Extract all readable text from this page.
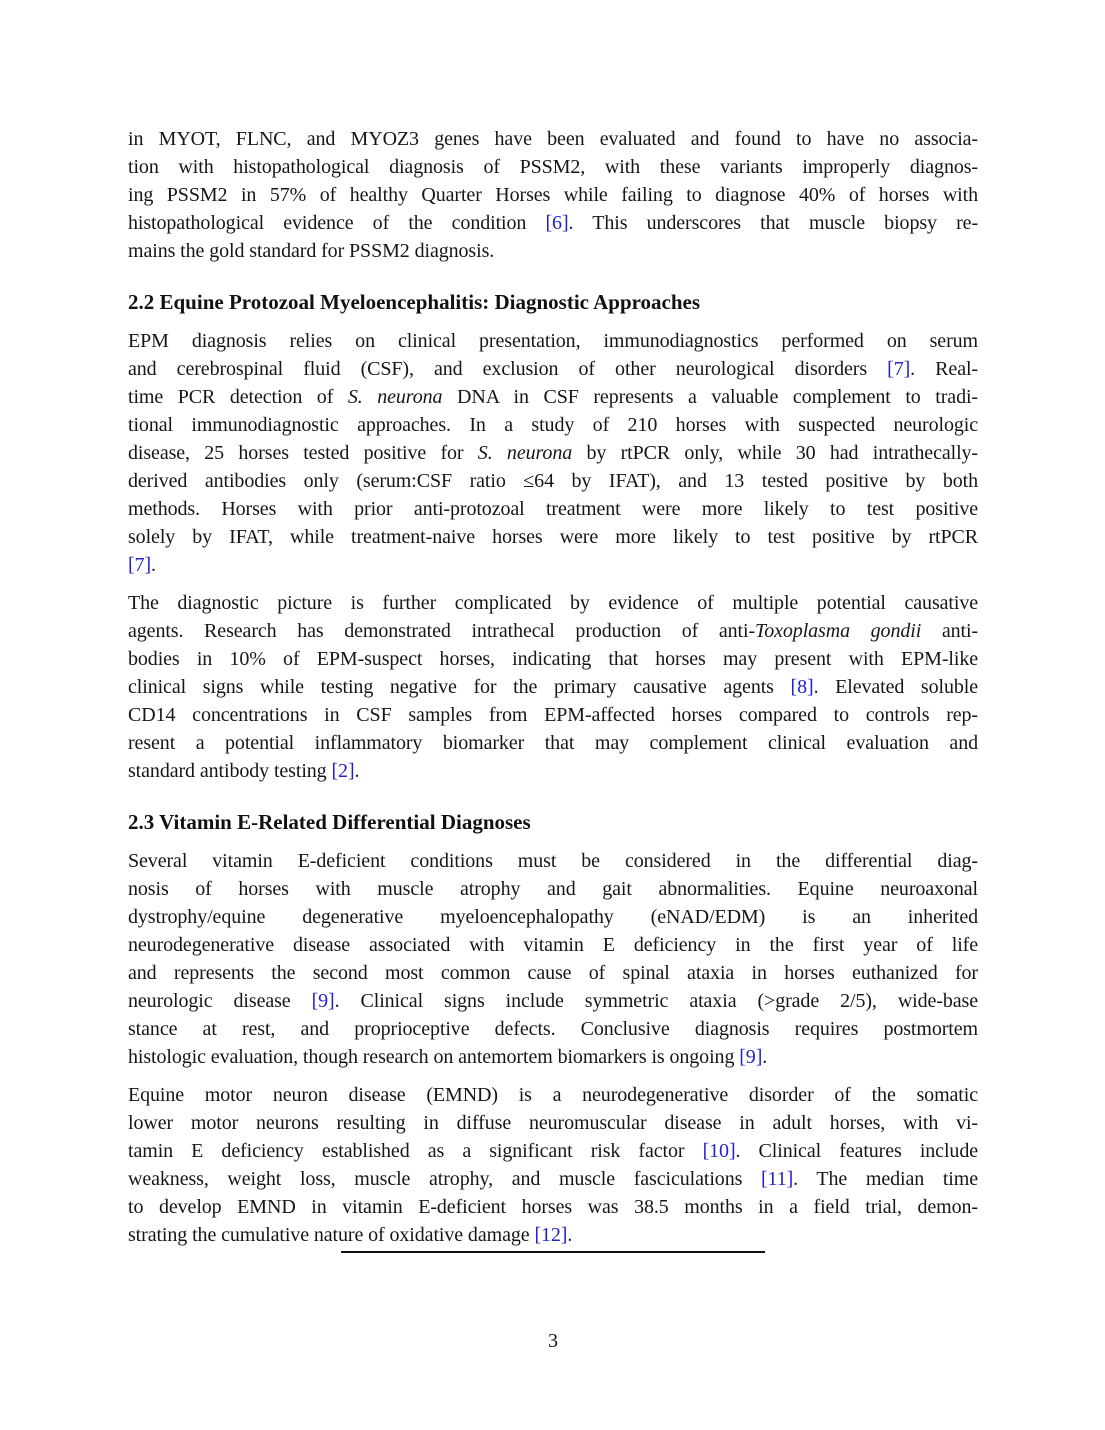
in MYOT, FLNC, and MYOZ3 genes have been evaluated and found to have no associa-
tion with histopathological diagnosis of PSSM2, with these variants improperly diagnos-
ing PSSM2 in 57% of healthy Quarter Horses while failing to diagnose 40% of horses with
histopathological evidence of the condition [6]. This underscores that muscle biopsy re-
mains the gold standard for PSSM2 diagnosis.
2.2 Equine Protozoal Myeloencephalitis: Diagnostic Approaches
EPM diagnosis relies on clinical presentation, immunodiagnostics performed on serum
and cerebrospinal fluid (CSF), and exclusion of other neurological disorders [7]. Real-
time PCR detection of S. neurona DNA in CSF represents a valuable complement to tradi-
tional immunodiagnostic approaches. In a study of 210 horses with suspected neurologic
disease, 25 horses tested positive for S. neurona by rtPCR only, while 30 had intrathecally-
derived antibodies only (serum:CSF ratio ≤64 by IFAT), and 13 tested positive by both
methods. Horses with prior anti-protozoal treatment were more likely to test positive
solely by IFAT, while treatment-naive horses were more likely to test positive by rtPCR
[7].
The diagnostic picture is further complicated by evidence of multiple potential causative
agents. Research has demonstrated intrathecal production of anti-Toxoplasma gondii anti-
bodies in 10% of EPM-suspect horses, indicating that horses may present with EPM-like
clinical signs while testing negative for the primary causative agents [8]. Elevated soluble
CD14 concentrations in CSF samples from EPM-affected horses compared to controls rep-
resent a potential inflammatory biomarker that may complement clinical evaluation and
standard antibody testing [2].
2.3 Vitamin E-Related Differential Diagnoses
Several vitamin E-deficient conditions must be considered in the differential diag-
nosis of horses with muscle atrophy and gait abnormalities. Equine neuroaxonal
dystrophy/equine degenerative myeloencephalopathy (eNAD/EDM) is an inherited
neurodegenerative disease associated with vitamin E deficiency in the first year of life
and represents the second most common cause of spinal ataxia in horses euthanized for
neurologic disease [9]. Clinical signs include symmetric ataxia (>grade 2/5), wide-base
stance at rest, and proprioceptive defects. Conclusive diagnosis requires postmortem
histologic evaluation, though research on antemortem biomarkers is ongoing [9].
Equine motor neuron disease (EMND) is a neurodegenerative disorder of the somatic
lower motor neurons resulting in diffuse neuromuscular disease in adult horses, with vi-
tamin E deficiency established as a significant risk factor [10]. Clinical features include
weakness, weight loss, muscle atrophy, and muscle fasciculations [11]. The median time
to develop EMND in vitamin E-deficient horses was 38.5 months in a field trial, demon-
strating the cumulative nature of oxidative damage [12].
3
